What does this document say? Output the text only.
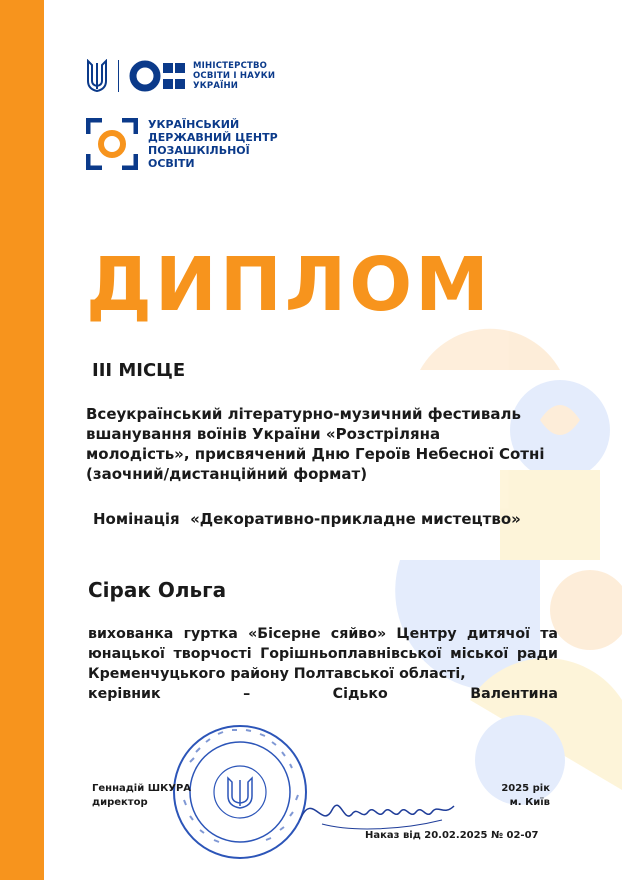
МІНІСТЕРСТВО
ОСВІТИ І НАУКИ
УКРАЇНИ
УКРАЇНСЬКИЙ
ДЕРЖАВНИЙ ЦЕНТР
ПОЗАШКІЛЬНОЇ
ОСВІТИ
ДИПЛОМ
ІІІ МІСЦЕ
Всеукраїнський літературно-музичний фестиваль
вшанування воїнів України «Розстріляна
молодість», присвячений Дню Героїв Небесної Сотні
(заочний/дистанційний формат)
Номінація  «Декоративно-прикладне мистецтво»
Сірак Ольга
вихованка гуртка «Бісерне сяйво» Центру дитячої та юнацької творчості Горішньоплавнівської міської ради Кременчуцького району Полтавської області,
керівник – Сідько Валентина
Геннадій ШКУРА
директор
2025 рік
м. Київ
Наказ від 20.02.2025 № 02-07
